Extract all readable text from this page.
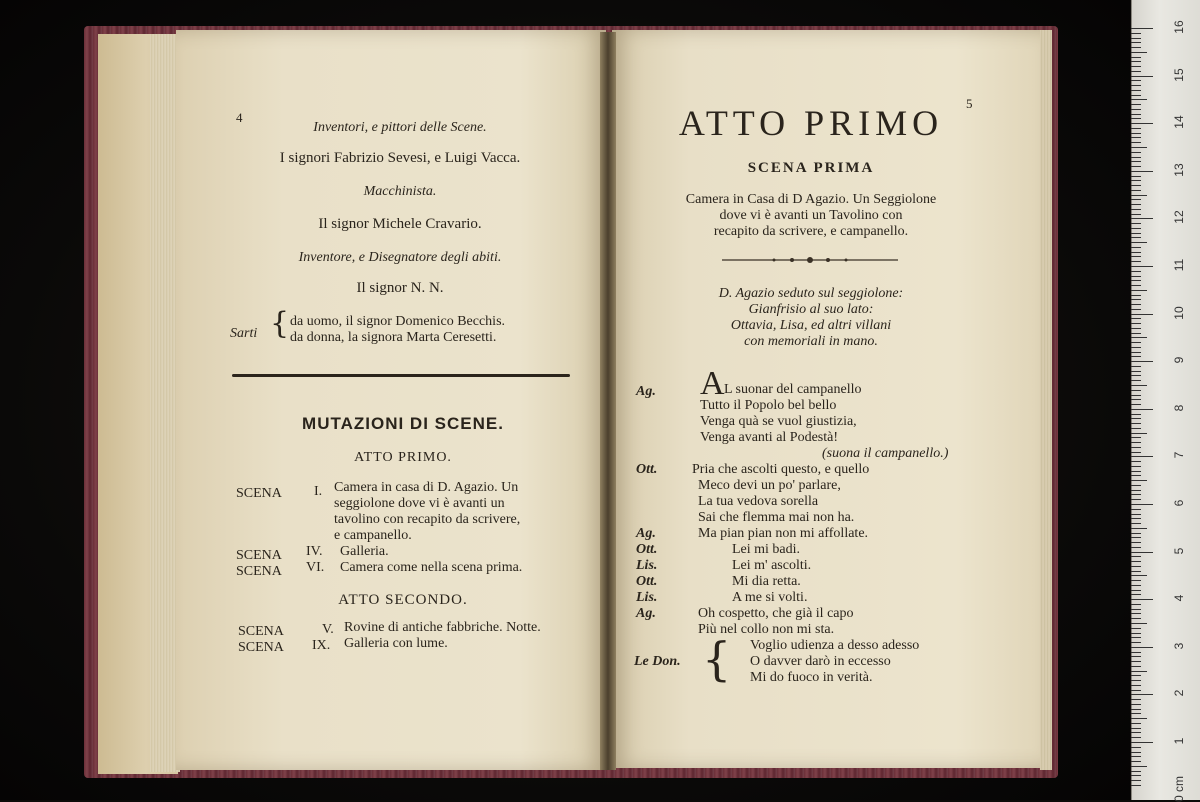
4
Inventori, e pittori delle Scene.
I signori Fabrizio Sevesi, e Luigi Vacca.
Macchinista.
Il signor Michele Cravario.
Inventore, e Disegnatore degli abiti.
Il signor N. N.
Sarti { da uomo, il signor Domenico Becchis.
da donna, la signora Marta Ceresetti.
MUTAZIONI DI SCENE.
ATTO PRIMO.
SCENA I. Camera in casa di D. Agazio. Un
seggiolone dove vi è avanti un
tavolino con recapito da scrivere,
e campanello.
SCENA IV. Galleria.
SCENA VI. Camera come nella scena prima.
ATTO SECONDO.
SCENA	V. Rovine di antiche fabbriche. Notte.
SCENA IX. Galleria con lume.
5
ATTO PRIMO
SCENA PRIMA
Camera in Casa di D Agazio. Un Seggiolone
dove vi è avanti un Tavolino con
recapito da scrivere, e campanello.
D. Agazio seduto sul seggiolone:
Gianfrisio al suo lato:
Ottavia, Lisa, ed altri villani
con memoriali in mano.
Ag. A L suonar del campanello
Tutto il Popolo bel bello
Venga quà se vuol giustizia,
Venga avanti al Podestà!
(suona il campanello.)
Ott. Pria che ascolti questo, e quello
Meco devi un po' parlare,
La tua vedova sorella
Sai che flemma mai non ha.
Ag.	Ma pian pian non mi affollate.
Ott.	Lei mi badi.
Lis.	Lei m' ascolti.
Ott.	Mi dia retta.
Lis.	A me si volti.
Ag.	Oh cospetto, che già il capo
Più nel collo non mi sta.
Le Don. { Voglio udienza a desso adesso
O davver darò in eccesso
Mi do fuoco in verità.
16
15
14
13
12
11
10
9
8
7
6
5
4
3
2
1
0 cm
